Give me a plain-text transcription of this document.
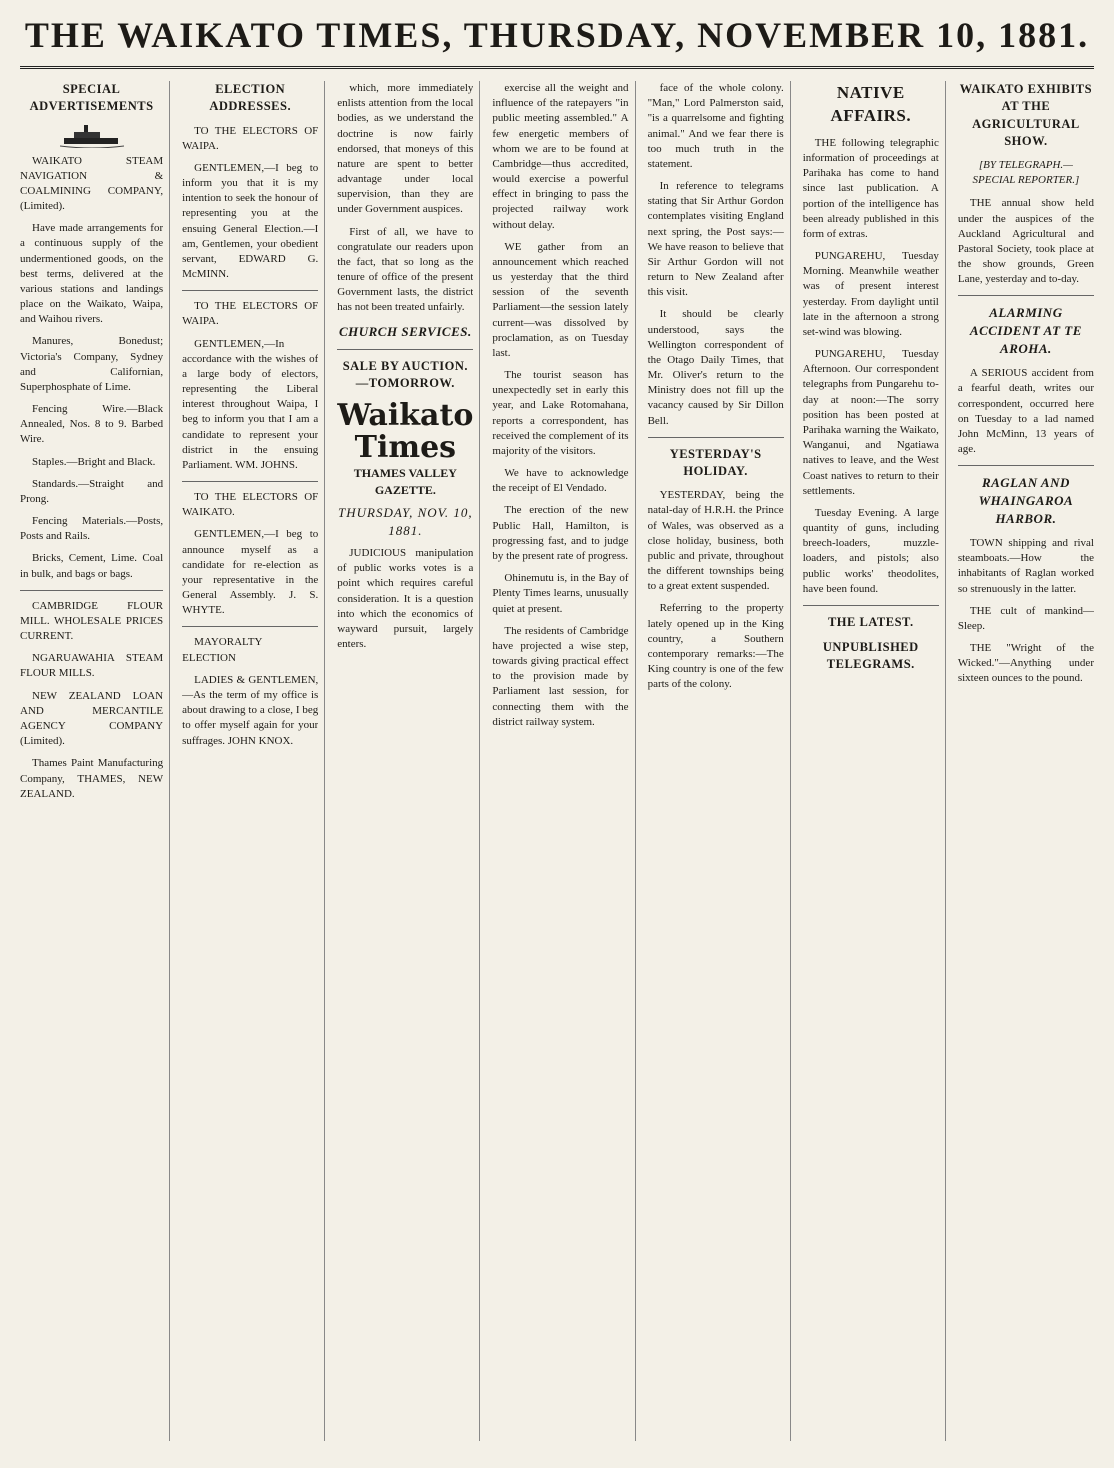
THE WAIKATO TIMES, THURSDAY, NOVEMBER 10, 1881.
SPECIAL ADVERTISEMENTS

WAIKATO STEAM NAVIGATION & COALMINING COMPANY, (Limited).

Have made arrangements for a continuous supply of the undermentioned goods, on the best terms, delivered at the various stations and landings place on the Waikato, Waipa, and Waihou rivers.

Manures, Bonedust; Victoria's Company, Sydney and Californian, Superphosphate of Lime.

Fencing Wire.—Black Annealed, Nos. 8 to 9. Barbed Wire.

Staples.—Bright and Black.

Standards.—Straight and Prong.

Fencing Materials.—Posts, Posts and Rails.

Bricks, Cement, Lime. Coal in bulk, and bags or bags.

CAMBRIDGE FLOUR MILL. WHOLESALE PRICES CURRENT.

NGARUAWAHIA STEAM FLOUR MILLS.

NEW ZEALAND LOAN AND MERCANTILE AGENCY COMPANY (Limited).

Thames Paint Manufacturing Company, THAMES, NEW ZEALAND.

ELECTION ADDRESSES.

TO THE ELECTORS OF WAIPA.

GENTLEMEN,—I beg to inform you that it is my intention to seek the honour of representing you at the ensuing General Election.—I am, Gentlemen, your obedient servant, EDWARD G. McMINN.

TO THE ELECTORS OF WAIPA.

GENTLEMEN,—In accordance with the wishes of a large body of electors, representing the Liberal interest throughout Waipa, I beg to inform you that I am a candidate to represent your district in the ensuing Parliament. WM. JOHNS.

TO THE ELECTORS OF WAIKATO.

GENTLEMEN,—I beg to announce myself as a candidate for re-election as your representative in the General Assembly. J. S. WHYTE.

MAYORALTY ELECTION

LADIES & GENTLEMEN,—As the term of my office is about drawing to a close, I beg to offer myself again for your suffrages. JOHN KNOX.

which, more immediately enlists attention from the local bodies, as we understand the doctrine is now fairly endorsed, that moneys of this nature are spent to better advantage under local supervision, than they are under Government auspices.

First of all, we have to congratulate our readers upon the fact, that so long as the tenure of office of the present Government lasts, the district has not been treated unfairly.

CHURCH SERVICES.
SALE BY AUCTION.—TOMORROW.
Waikato Times
THAMES VALLEY GAZETTE.
THURSDAY, NOV. 10, 1881.

JUDICIOUS manipulation of public works votes is a point which requires careful consideration. It is a question into which the economics of wayward pursuit, largely enters.

exercise all the weight and influence of the ratepayers "in public meeting assembled." A few energetic members of whom we are to be found at Cambridge—thus accredited, would exercise a powerful effect in bringing to pass the projected railway work without delay.

WE gather from an announcement which reached us yesterday that the third session of the seventh Parliament—the session lately current—was dissolved by proclamation, as on Tuesday last.

The tourist season has unexpectedly set in early this year, and Lake Rotomahana, reports a correspondent, has received the complement of its majority of the visitors.

We have to acknowledge the receipt of El Vendado.

The erection of the new Public Hall, Hamilton, is progressing fast, and to judge by the present rate of progress.

Ohinemutu is, in the Bay of Plenty Times learns, unusually quiet at present.

The residents of Cambridge have projected a wise step, towards giving practical effect to the provision made by Parliament last session, for connecting them with the district railway system.

face of the whole colony. "Man," Lord Palmerston said, "is a quarrelsome and fighting animal." And we fear there is too much truth in the statement.

In reference to telegrams stating that Sir Arthur Gordon contemplates visiting England next spring, the Post says:—We have reason to believe that Sir Arthur Gordon will not return to New Zealand after this visit.

It should be clearly understood, says the Wellington correspondent of the Otago Daily Times, that Mr. Oliver's return to the Ministry does not fill up the vacancy caused by Sir Dillon Bell.

YESTERDAY'S HOLIDAY.

YESTERDAY, being the natal-day of H.R.H. the Prince of Wales, was observed as a close holiday, business, both public and private, throughout the different townships being to a great extent suspended.

Referring to the property lately opened up in the King country, a Southern contemporary remarks:—The King country is one of the few parts of the colony.

NATIVE AFFAIRS.

THE following telegraphic information of proceedings at Parihaka has come to hand since last publication. A portion of the intelligence has been already published in this form of extras.

PUNGAREHU, Tuesday Morning. Meanwhile weather was of present interest yesterday. From daylight until late in the afternoon a strong set-wind was blowing.

PUNGAREHU, Tuesday Afternoon. Our correspondent telegraphs from Pungarehu to-day at noon:—The sorry position has been posted at Parihaka warning the Waikato, Wanganui, and Ngatiawa natives to leave, and the West Coast natives to return to their settlements.

Tuesday Evening. A large quantity of guns, including breech-loaders, muzzle-loaders, and pistols; also public works' theodolites, have been found.

THE LATEST.
UNPUBLISHED TELEGRAMS.
WAIKATO EXHIBITS AT THE AGRICULTURAL SHOW.
[BY TELEGRAPH.—SPECIAL REPORTER.]

THE annual show held under the auspices of the Auckland Agricultural and Pastoral Society, took place at the show grounds, Green Lane, yesterday and to-day.

ALARMING ACCIDENT AT TE AROHA.

A SERIOUS accident from a fearful death, writes our correspondent, occurred here on Tuesday to a lad named John McMinn, 13 years of age.

RAGLAN AND WHAINGAROA HARBOR.

TOWN shipping and rival steamboats.—How the inhabitants of Raglan worked so strenuously in the latter.

THE cult of mankind—Sleep.

THE "Wright of the Wicked."—Anything under sixteen ounces to the pound.
